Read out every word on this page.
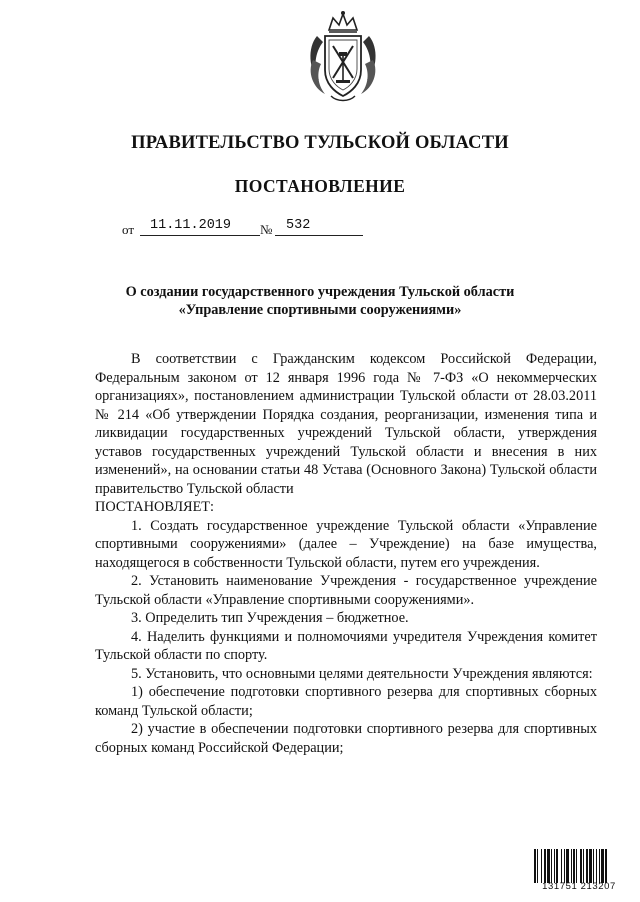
ПРАВИТЕЛЬСТВО ТУЛЬСКОЙ ОБЛАСТИ
ПОСТАНОВЛЕНИЕ
от 11.11.2019 № 532
О создании государственного учреждения Тульской области
«Управление спортивными сооружениями»

В соответствии с Гражданским кодексом Российской Федерации, Федеральным законом от 12 января 1996 года № 7-ФЗ «О некоммерческих организациях», постановлением администрации Тульской области от 28.03.2011 № 214 «Об утверждении Порядка создания, реорганизации, изменения типа и ликвидации государственных учреждений Тульской области, утверждения уставов государственных учреждений Тульской области и внесения в них изменений», на основании статьи 48 Устава (Основного Закона) Тульской области правительство Тульской области

ПОСТАНОВЛЯЕТ:

1. Создать государственное учреждение Тульской области «Управление спортивными сооружениями» (далее – Учреждение) на базе имущества, находящегося в собственности Тульской области, путем его учреждения.

2. Установить наименование Учреждения - государственное учреждение Тульской области «Управление спортивными сооружениями».

3. Определить тип Учреждения – бюджетное.

4. Наделить функциями и полномочиями учредителя Учреждения комитет Тульской области по спорту.

5. Установить, что основными целями деятельности Учреждения являются:

1) обеспечение подготовки спортивного резерва для спортивных сборных команд Тульской области;

2) участие в обеспечении подготовки спортивного резерва для спортивных сборных команд Российской Федерации;

131751 213207
